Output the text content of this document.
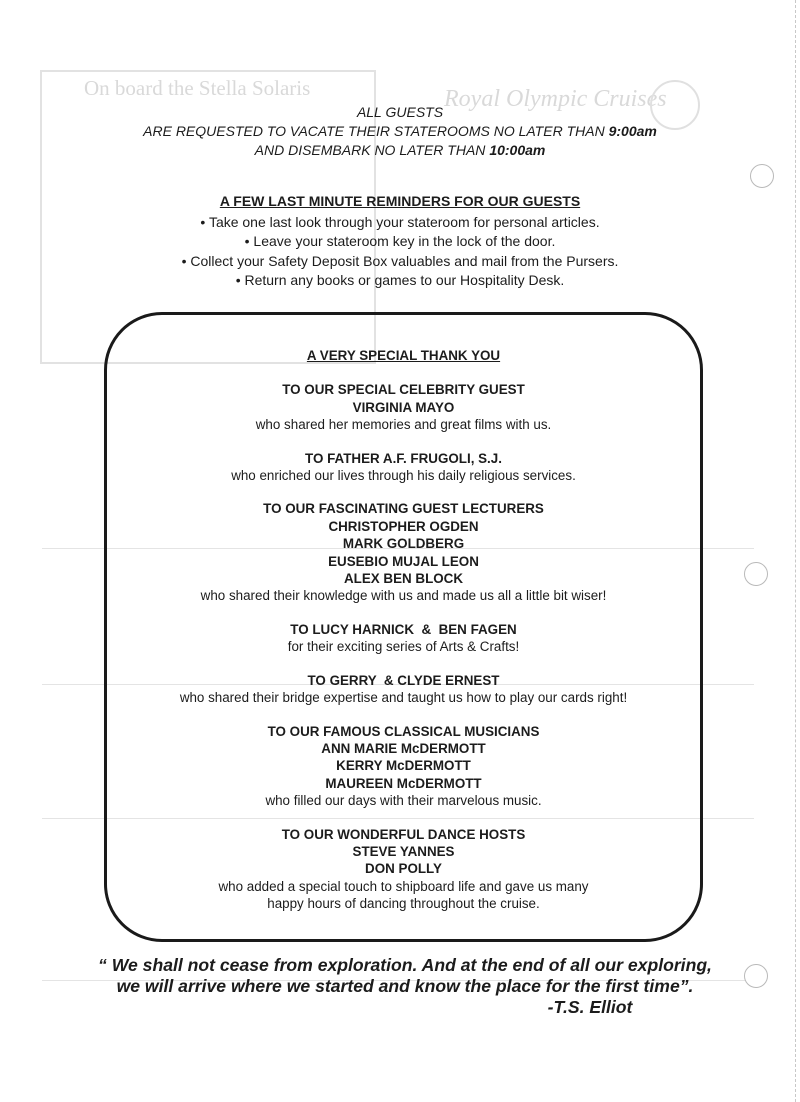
On board the Stella Solaris	Royal Olympic Cruises
ALL GUESTS
ARE REQUESTED TO VACATE THEIR STATEROOMS NO LATER THAN 9:00am
AND DISEMBARK NO LATER THAN 10:00am
A FEW LAST MINUTE REMINDERS FOR OUR GUESTS
• Take one last look through your stateroom for personal articles.
• Leave your stateroom key in the lock of the door.
• Collect your Safety Deposit Box valuables and mail from the Pursers.
• Return any books or games to our Hospitality Desk.
A VERY SPECIAL THANK YOU
TO OUR SPECIAL CELEBRITY GUEST
VIRGINIA MAYO
who shared her memories and great films with us.
TO FATHER A.F. FRUGOLI, S.J.
who enriched our lives through his daily religious services.
TO OUR FASCINATING GUEST LECTURERS
CHRISTOPHER OGDEN
MARK GOLDBERG
EUSEBIO MUJAL LEON
ALEX BEN BLOCK
who shared their knowledge with us and made us all a little bit wiser!
TO LUCY HARNICK  &  BEN FAGEN
for their exciting series of Arts & Crafts!
TO GERRY  & CLYDE ERNEST
who shared their bridge expertise and taught us how to play our cards right!
TO OUR FAMOUS CLASSICAL MUSICIANS
ANN MARIE McDERMOTT
KERRY McDERMOTT
MAUREEN McDERMOTT
who filled our days with their marvelous music.
TO OUR WONDERFUL DANCE HOSTS
STEVE YANNES
DON POLLY
who added a special touch to shipboard life and gave us many
happy hours of dancing throughout the cruise.
“ We shall not cease from exploration. And at the end of all our exploring,
we will arrive where we started and know the place for the first time”.
-T.S. Elliot
